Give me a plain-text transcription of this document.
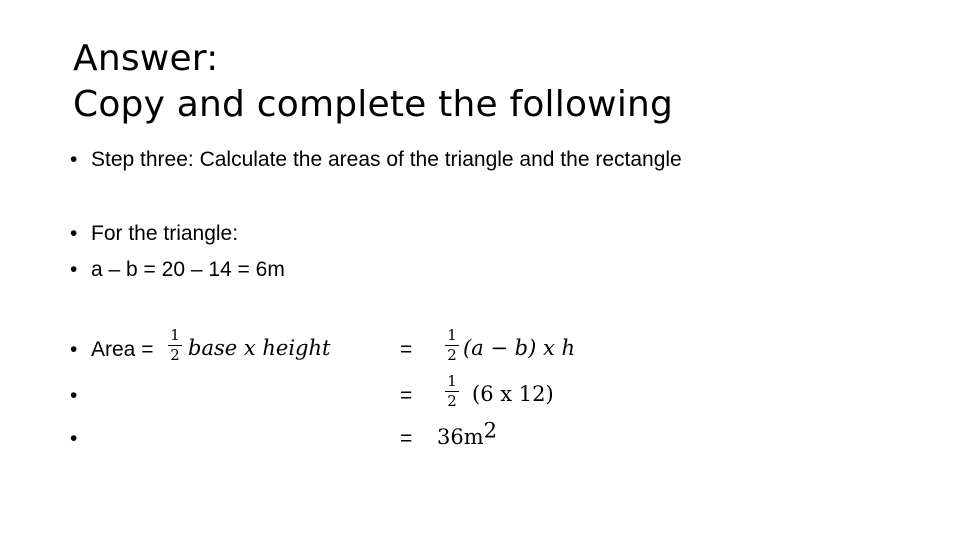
Answer:
Copy and complete the following
• Step three: Calculate the areas of the triangle and the rectangle
• For the triangle:
• a – b = 20 – 14 = 6m
• Area =
1
2 base x height	=
1
2 (a − b) x h
•	=
1
2 (6 x 12)
•	= $36m^2$
